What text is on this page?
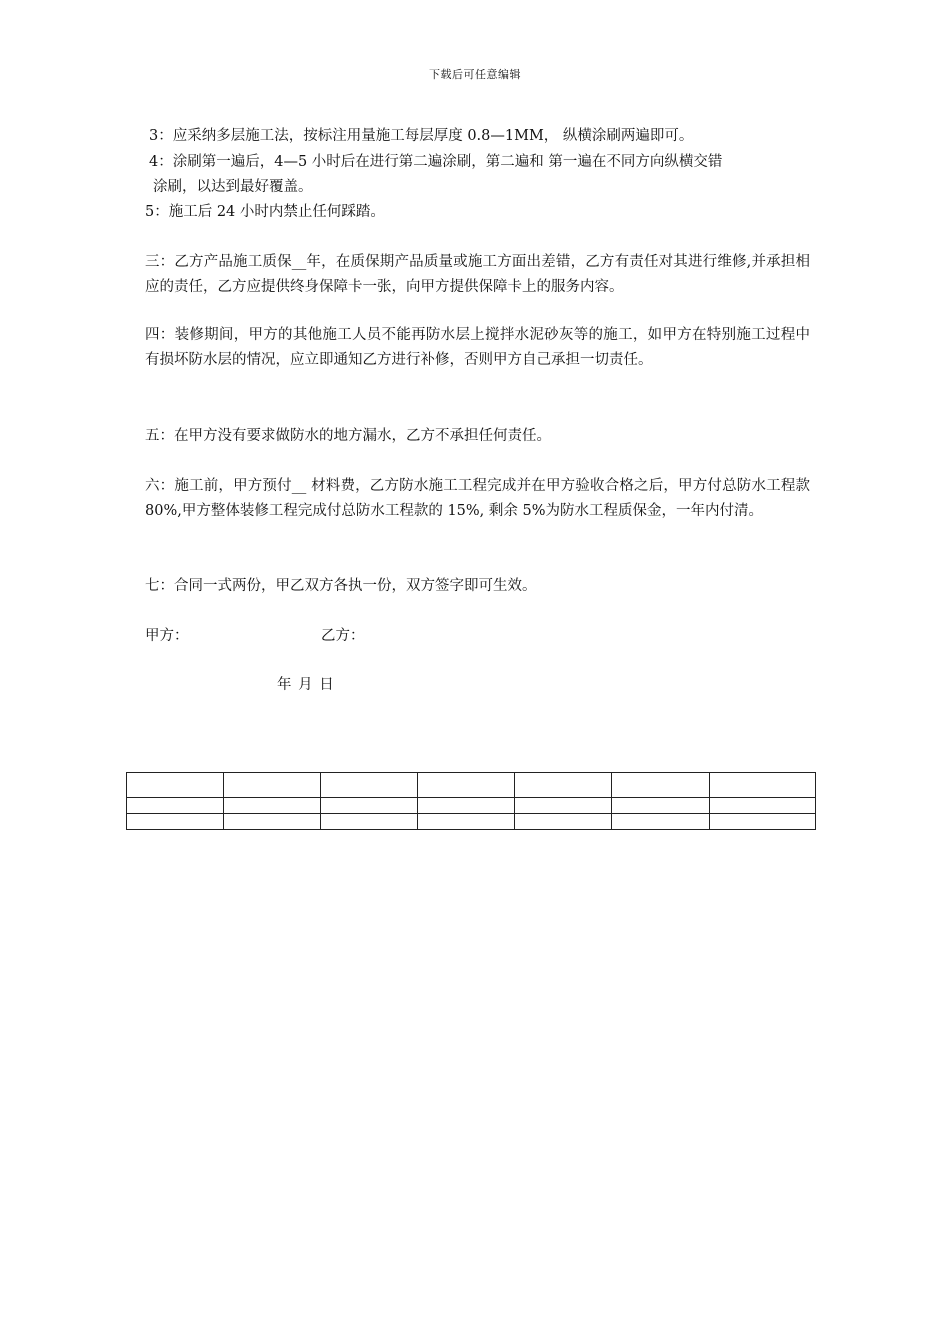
下载后可任意编辑
3：应采纳多层施工法，按标注用量施工每层厚度 0.8—1MM， 纵横涂刷两遍即可。
4：涂刷第一遍后，4—5 小时后在进行第二遍涂刷，第二遍和 第一遍在不同方向纵横交错
涂刷，以达到最好覆盖。
5：施工后 24 小时内禁止任何踩踏。
三：乙方产品施工质保__年，在质保期产品质量或施工方面出差错，乙方有责任对其进行维修,并承担相应的责任，乙方应提供终身保障卡一张，向甲方提供保障卡上的服务内容。
四：装修期间，甲方的其他施工人员不能再防水层上搅拌水泥砂灰等的施工，如甲方在特别施工过程中有损坏防水层的情况，应立即通知乙方进行补修，否则甲方自己承担一切责任。
五：在甲方没有要求做防水的地方漏水，乙方不承担任何责任。
六：施工前，甲方预付__ 材料费，乙方防水施工工程完成并在甲方验收合格之后，甲方付总防水工程款 80%,甲方整体装修工程完成付总防水工程款的 15%, 剩余 5%为防水工程质保金，一年内付清。
七：合同一式两份，甲乙双方各执一份，双方签字即可生效。
甲方：	乙方：
年 月 日
